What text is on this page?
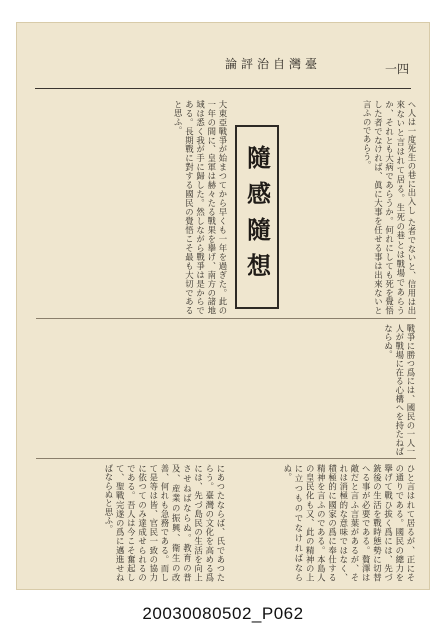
一四
臺灣自治評論
隨感隨想	へ人は一度死生の巷に出入し た者でないと、信用は出來ないと言はれて居る。生死の巷とは戰場であらうか、それとも大病であらうか。何れにしても死を覺悟した者でなければ、眞に大事を任せる事は出來ないと言ふのであらう。
大東亞戰爭が始まつてから早くも一年を過ぎた。此の一年の間に、皇軍は赫々たる戰果を擧げ、南方の諸地域は悉く我が手に歸した。然しながら戰爭は是からである。長期戰に對する國民の覺悟こそ最も大切であると思ふ。
戰爭に勝つ爲には、國民の一人一人が戰場に在る心構へを持たねばならぬ。
ひと言はれて居るが、正にその通りである。國民の總力を擧げて戰ひ拔く爲には、先づ銃後の生活を戰時態勢に切替へる事が必要である。贅澤は敵だと言ふ言葉があるが、それは消極的な意味ではなく、積極的に國家の爲に奉仕する精神を言ふのである。本島人の皇民化も又、此の精神の上に立つものでなければならぬ。
にあつたならば、氏であつたらう。臺灣の文化を高める爲には、先づ島民の生活を向上させねばならぬ。教育の普及、産業の振興、衛生の改善、何れも急務である。而して是等は皆、官民一致の協力に依つてのみ達成せられるのである。吾人は今こそ奮起して、聖戰完遂の爲に邁進せねばならぬと思ふ。
20030080502_P062
